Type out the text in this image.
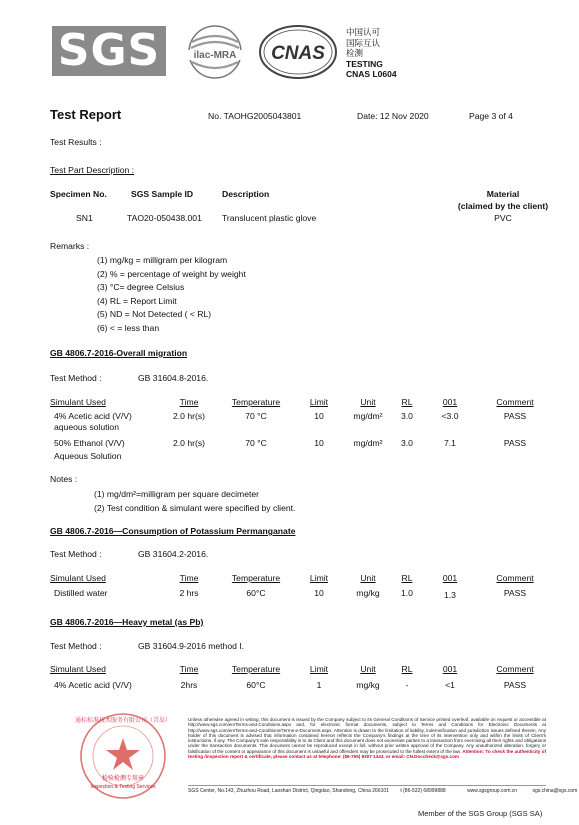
SGS	ilac-MRA CNAS
中国认可
国际互认
检测
TESTING
CNAS L0604
Test Report	No. TAOHG2005043801	Date: 12 Nov 2020	Page 3 of 4
Test Results :
Test Part Description :
Specimen No.	SGS Sample ID	Description	Material
(claimed by the client)
SN1	TAO20-050438.001 Translucent plastic glove	PVC
Remarks :
(1) mg/kg = milligram per kilogram
(2) % = percentage of weight by weight
(3) °C= degree Celsius
(4) RL = Report Limit
(5) ND = Not Detected ( < RL)
(6) < = less than
GB 4806.7-2016-Overall migration
Test Method :	GB 31604.8-2016.
Simulant Used	Time	Temperature	Limit	Unit	RL	001	Comment
4% Acetic acid (V/V)
aqueous solution
2.0 hr(s)	70 °C	10	mg/dm²	3.0	<3.0	PASS
50% Ethanol (V/V)
Aqueous Solution
2.0 hr(s)	70 °C	10	mg/dm²	3.0	7.1	PASS
Notes :
(1) mg/dm²=milligram per square decimeter
(2) Test condition & simulant were specified by client.
GB 4806.7-2016—Consumption of Potassium Permanganate
Test Method :	GB 31604.2-2016.
Simulant Used	Time	Temperature	Limit	Unit	RL	001	Comment
Distilled water	2 hrs	60°C	10	mg/kg	1.0	1.3	PASS
GB 4806.7-2016—Heavy metal (as Pb)
Test Method :	GB 31604.9-2016 method I.
Simulant Used	Time	Temperature	Limit	Unit	RL	001	Comment
4% Acetic acid (V/V)	2hrs	60°C	1	mg/kg	-	<1	PASS
通标标准技术服务有限公司（青岛）
检验检测专用章
Inspection & Testing Services
Unless otherwise agreed in writing, this document is issued by the Company subject to its General Conditions of Service printed overleaf, available on request or accessible at http://www.sgs.com/en/Terms-and-Conditions.aspx and, for electronic format documents, subject to Terms and Conditions for Electronic Documents at http://www.sgs.com/en/Terms-and-Conditions/Terms-e-Document.aspx. Attention is drawn to the limitation of liability, indemnification and jurisdiction issues defined therein. Any holder of this document is advised that information contained hereon reflects the Company's findings at the time of its intervention only and within the limits of Client's instructions, if any. The Company's sole responsibility is to its Client and this document does not exonerate parties to a transaction from exercising all their rights and obligations under the transaction documents. This document cannot be reproduced except in full, without prior written approval of the Company. Any unauthorized alteration, forgery or falsification of the content or appearance of this document is unlawful and offenders may be prosecuted to the fullest extent of the law. Attention: To check the authenticity of testing /inspection report & certificate, please contact us at telephone: (86-755) 8307 1443, or email: CN.Doccheck@sgs.com
SGS Center, No.143, Zhuzhou Road, Laoshan District, Qingdao, Shandong, China 266101 t (86-532) 68999888	www.sgsgroup.com.cn	sgs.china@sgs.com
Member of the SGS Group (SGS SA)
